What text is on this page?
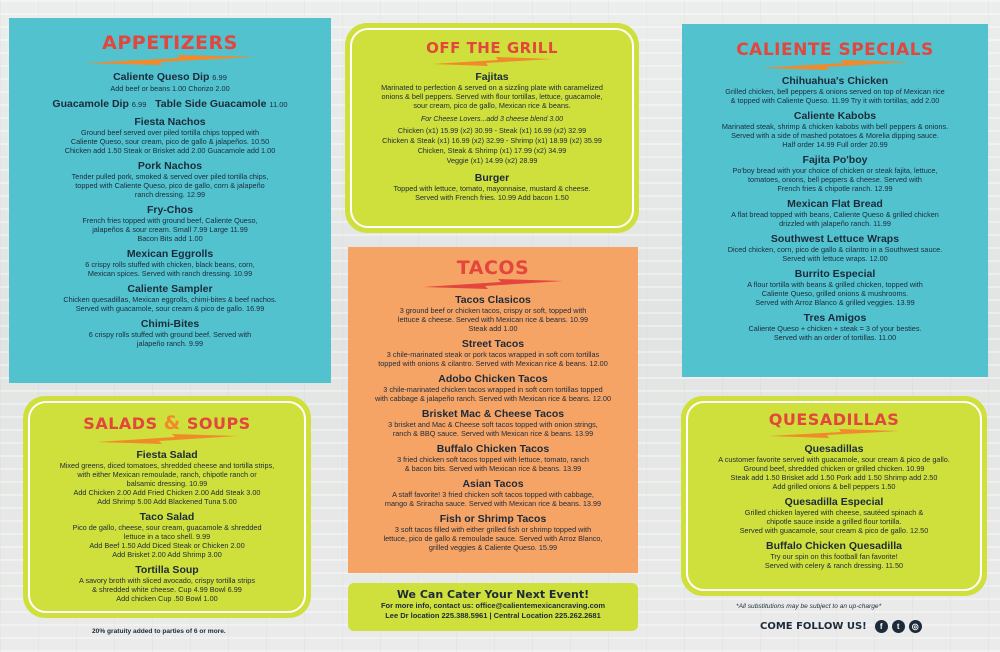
APPETIZERS
Caliente Queso Dip 6.99
Add beef or beans 1.00 Chorizo 2.00
Guacamole Dip 6.99 Table Side Guacamole 11.00
Fiesta Nachos
Ground beef served over piled tortilla chips topped with
Caliente Queso, sour cream, pico de gallo & jalapeños. 10.50
Chicken add 1.50 Steak or Brisket add 2.00 Guacamole add 1.00
Pork Nachos
Tender pulled pork, smoked & served over piled tortilla chips,
topped with Caliente Queso, pico de gallo, corn & jalapeño
ranch dressing. 12.99
Fry-Chos
French fries topped with ground beef, Caliente Queso,
jalapeños & sour cream. Small 7.99 Large 11.99
Bacon Bits add 1.00
Mexican Eggrolls
6 crispy rolls stuffed with chicken, black beans, corn,
Mexican spices. Served with ranch dressing. 10.99
Caliente Sampler
Chicken quesadillas, Mexican eggrolls, chimi-bites & beef nachos.
Served with guacamole, sour cream & pico de gallo. 16.99
Chimi-Bites
6 crispy rolls stuffed with ground beef. Served with
jalapeño ranch. 9.99
SALADS & SOUPS
Fiesta Salad
Mixed greens, diced tomatoes, shredded cheese and tortilla strips,
with either Mexican remoulade, ranch, chipotle ranch or
balsamic dressing. 10.99
Add Chicken 2.00 Add Fried Chicken 2.00 Add Steak 3.00
Add Shrimp 5.00 Add Blackened Tuna 5.00
Taco Salad
Pico de gallo, cheese, sour cream, guacamole & shredded
lettuce in a taco shell. 9.99
Add Beef 1.50 Add Diced Steak or Chicken 2.00
Add Brisket 2.00 Add Shrimp 3.00
Tortilla Soup
A savory broth with sliced avocado, crispy tortilla strips
& shredded white cheese. Cup 4.99 Bowl 6.99
Add chicken Cup .50 Bowl 1.00
20% gratuity added to parties of 6 or more.
OFF THE GRILL
Fajitas
Marinated to perfection & served on a sizzling plate with caramelized
onions & bell peppers. Served with flour tortillas, lettuce, guacamole,
sour cream, pico de gallo, Mexican rice & beans.
For Cheese Lovers...add 3 cheese blend 3.00
Chicken (x1) 15.99 (x2) 30.99 - Steak (x1) 16.99 (x2) 32.99
Chicken & Steak (x1) 16.99 (x2) 32.99 - Shrimp (x1) 18.99 (x2) 35.99
Chicken, Steak & Shrimp (x1) 17.99 (x2) 34.99
Veggie (x1) 14.99 (x2) 28.99
Burger
Topped with lettuce, tomato, mayonnaise, mustard & cheese.
Served with French fries. 10.99 Add bacon 1.50
TACOS
Tacos Clasicos
3 ground beef or chicken tacos, crispy or soft, topped with
lettuce & cheese. Served with Mexican rice & beans. 10.99
Steak add 1.00
Street Tacos
3 chile-marinated steak or pork tacos wrapped in soft corn tortillas
topped with onions & cilantro. Served with Mexican rice & beans. 12.00
Adobo Chicken Tacos
3 chile-marinated chicken tacos wrapped in soft corn tortillas topped
with cabbage & jalapeño ranch. Served with Mexican rice & beans. 12.00
Brisket Mac & Cheese Tacos
3 brisket and Mac & Cheese soft tacos topped with onion strings,
ranch & BBQ sauce. Served with Mexican rice & beans. 13.99
Buffalo Chicken Tacos
3 fried chicken soft tacos topped with lettuce, tomato, ranch
& bacon bits. Served with Mexican rice & beans. 13.99
Asian Tacos
A staff favorite! 3 fried chicken soft tacos topped with cabbage,
mango & Sriracha sauce. Served with Mexican rice & beans. 13.99
Fish or Shrimp Tacos
3 soft tacos filled with either grilled fish or shrimp topped with
lettuce, pico de gallo & remoulade sauce. Served with Arroz Blanco,
grilled veggies & Caliente Queso. 15.99
We Can Cater Your Next Event!
For more info, contact us: office@calientemexicancraving.com
Lee Dr location 225.388.5961 | Central Location 225.262.2681
CALIENTE SPECIALS
Chihuahua's Chicken
Grilled chicken, bell peppers & onions served on top of Mexican rice
& topped with Caliente Queso. 11.99 Try it with tortillas, add 2.00
Caliente Kabobs
Marinated steak, shrimp & chicken kabobs with bell peppers & onions.
Served with a side of mashed potatoes & Morelia dipping sauce.
Half order 14.99 Full order 20.99
Fajita Po'boy
Po'boy bread with your choice of chicken or steak fajita, lettuce,
tomatoes, onions, bell peppers & cheese. Served with
French fries & chipotle ranch. 12.99
Mexican Flat Bread
A flat bread topped with beans, Caliente Queso & grilled chicken
drizzled with jalapeño ranch. 11.99
Southwest Lettuce Wraps
Diced chicken, corn, pico de gallo & cilantro in a Southwest sauce.
Served with lettuce wraps. 12.00
Burrito Especial
A flour tortilla with beans & grilled chicken, topped with
Caliente Queso, grilled onions & mushrooms.
Served with Arroz Blanco & grilled veggies. 13.99
Tres Amigos
Caliente Queso + chicken + steak = 3 of your besties.
Served with an order of tortillas. 11.00
QUESADILLAS
Quesadillas
A customer favorite served with guacamole, sour cream & pico de gallo.
Ground beef, shredded chicken or grilled chicken. 10.99
Steak add 1.50 Brisket add 1.50 Pork add 1.50 Shrimp add 2.50
Add grilled onions & bell peppers 1.50
Quesadilla Especial
Grilled chicken layered with cheese, sautéed spinach &
chipotle sauce inside a grilled flour tortilla.
Served with guacamole, sour cream & pico de gallo. 12.50
Buffalo Chicken Quesadilla
Try our spin on this football fan favorite!
Served with celery & ranch dressing. 11.50
*All substitutions may be subject to an up-charge*
COME FOLLOW US!	f	t	◎
